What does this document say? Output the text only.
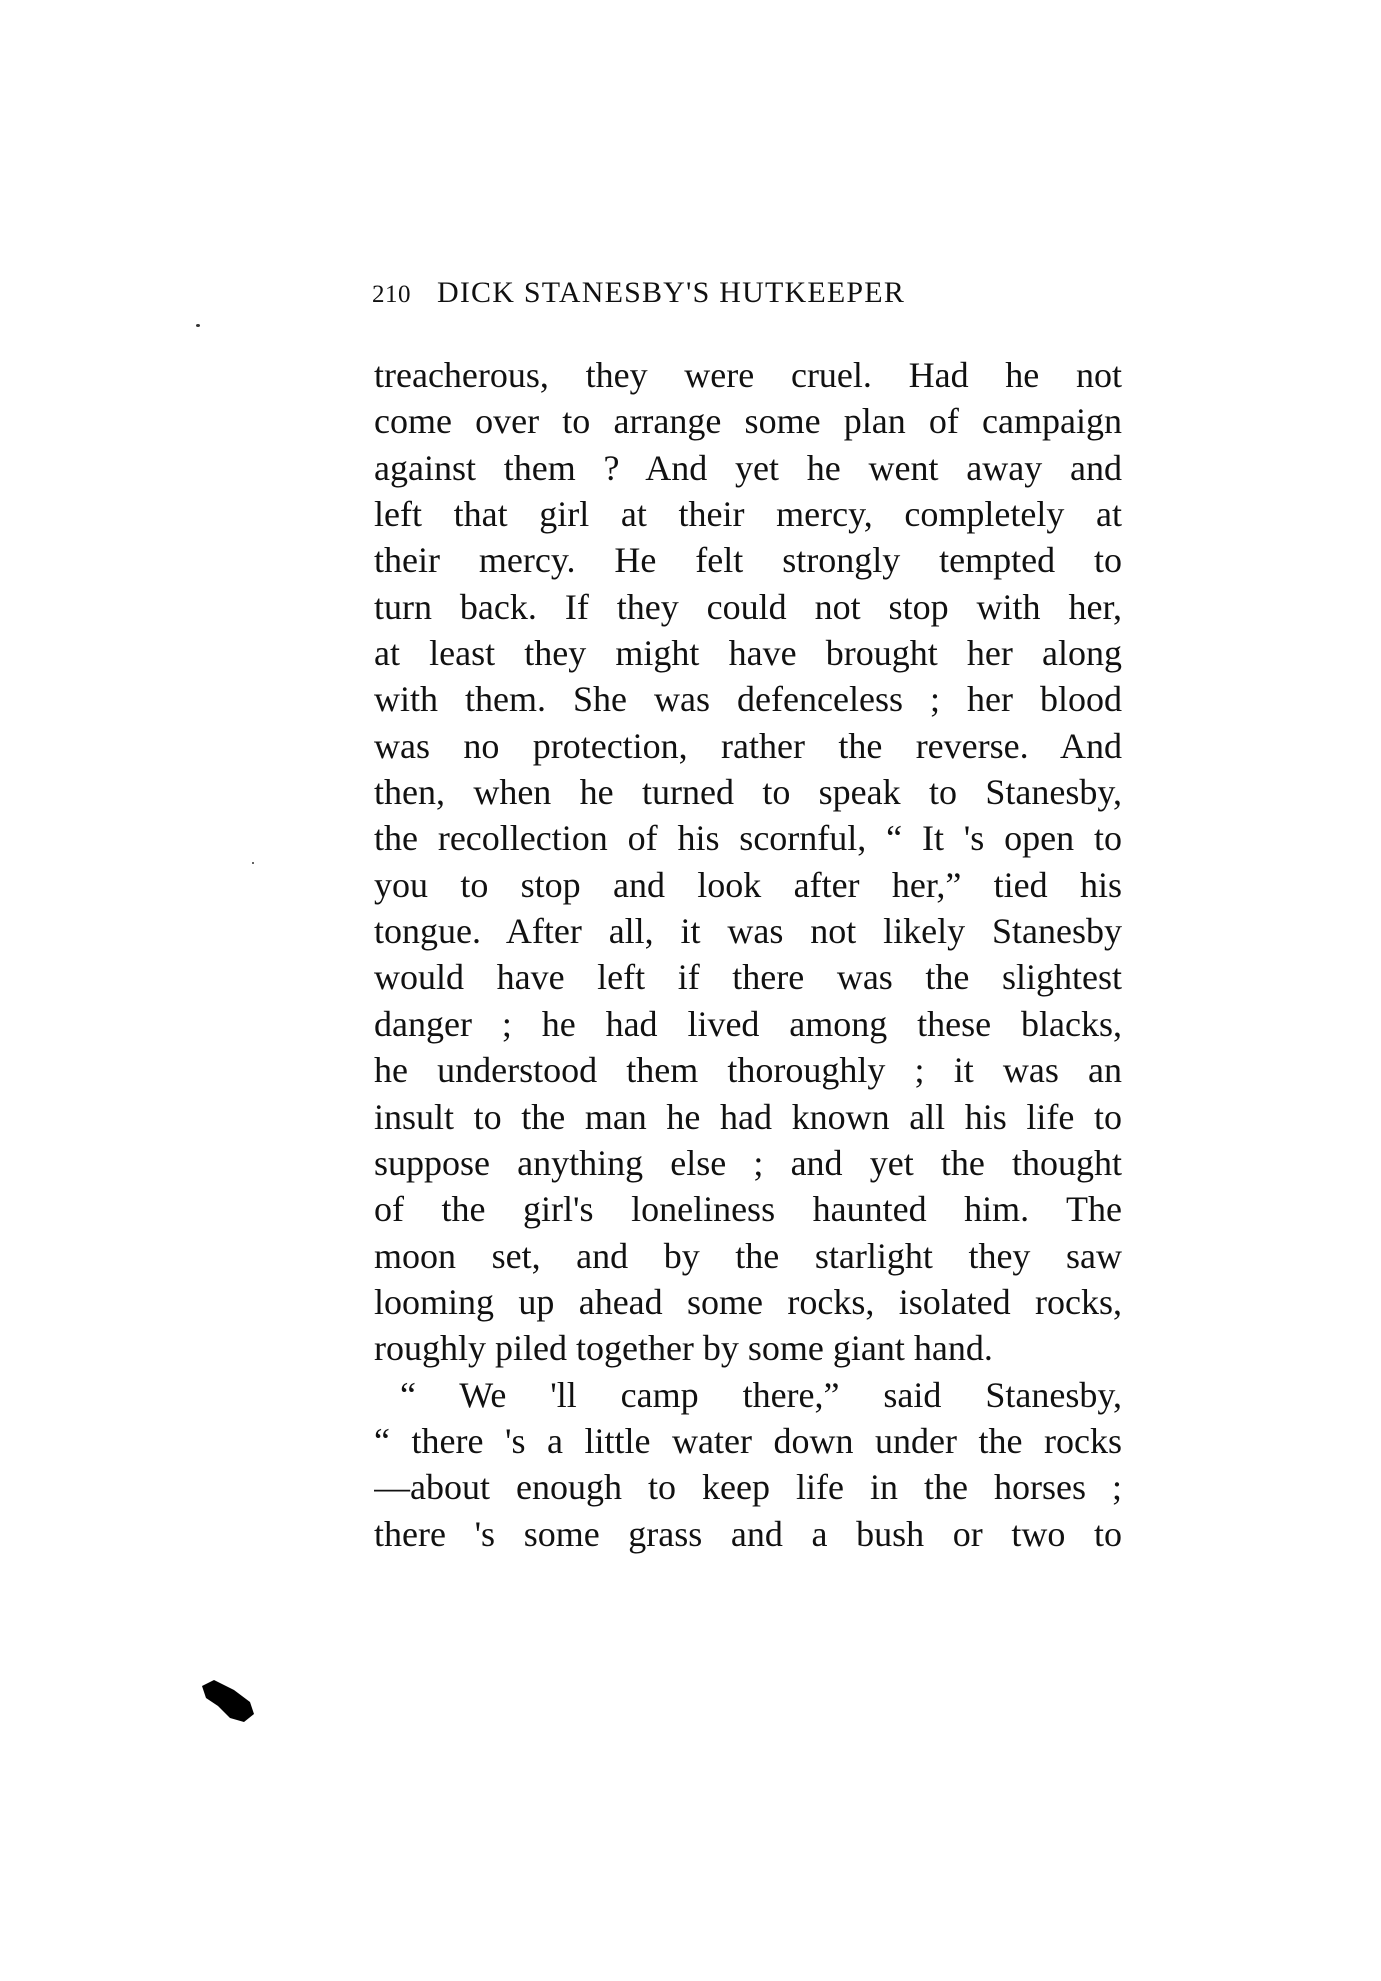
210 DICK STANESBY'S HUTKEEPER
treacherous, they were cruel. Had he not
come over to arrange some plan of campaign
against them ? And yet he went away and
left that girl at their mercy, completely at
their mercy. He felt strongly tempted to
turn back. If they could not stop with her,
at least they might have brought her along
with them. She was defenceless ; her blood
was no protection, rather the reverse. And
then, when he turned to speak to Stanesby,
the recollection of his scornful, “ It 's open to
you to stop and look after her,” tied his
tongue. After all, it was not likely Stanesby
would have left if there was the slightest
danger ; he had lived among these blacks,
he understood them thoroughly ; it was an
insult to the man he had known all his life to
suppose anything else ; and yet the thought
of the girl's loneliness haunted him. The
moon set, and by the starlight they saw
looming up ahead some rocks, isolated rocks,
roughly piled together by some giant hand.
“ We 'll camp there,” said Stanesby,
“ there 's a little water down under the rocks
—about enough to keep life in the horses ;
there 's some grass and a bush or two to
